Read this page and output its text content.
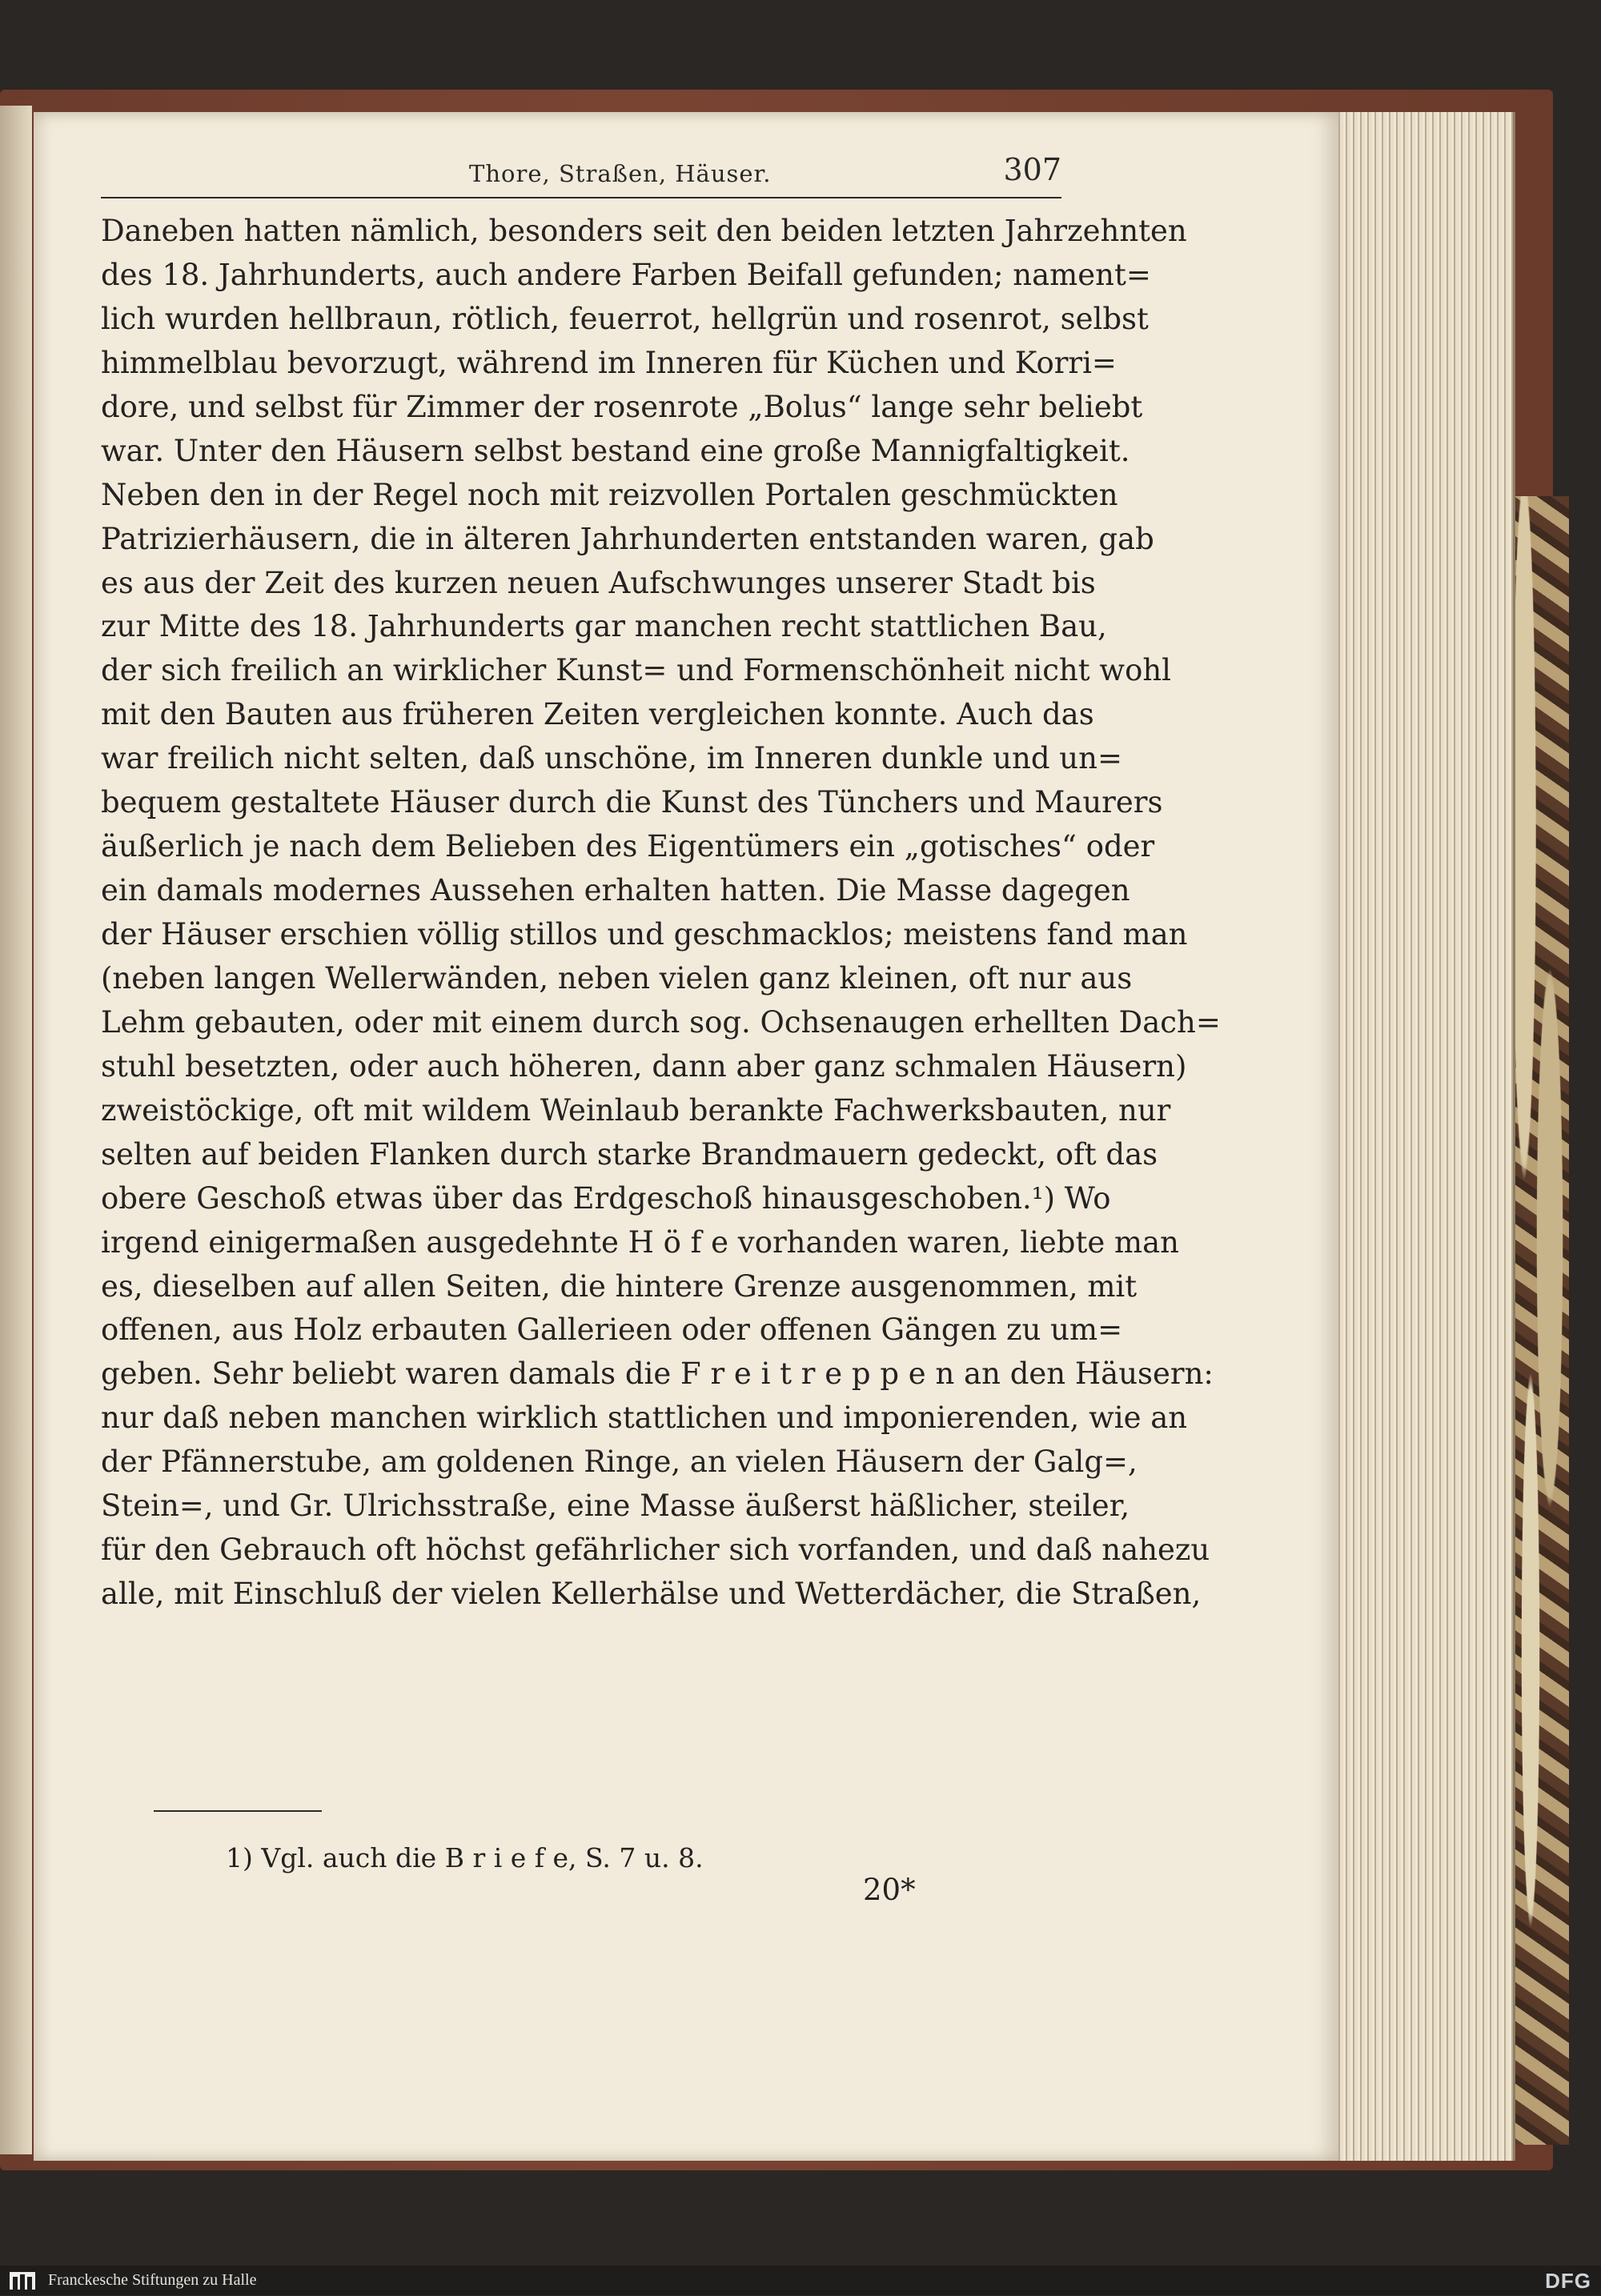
Thore, Straßen, Häuser.	307
Daneben hatten nämlich, besonders seit den beiden letzten Jahrzehnten
des 18. Jahrhunderts, auch andere Farben Beifall gefunden; nament=
lich wurden hellbraun, rötlich, feuerrot, hellgrün und rosenrot, selbst
himmelblau bevorzugt, während im Inneren für Küchen und Korri=
dore, und selbst für Zimmer der rosenrote „Bolus“ lange sehr beliebt
war. Unter den Häusern selbst bestand eine große Mannigfaltigkeit.
Neben den in der Regel noch mit reizvollen Portalen geschmückten
Patrizierhäusern, die in älteren Jahrhunderten entstanden waren, gab
es aus der Zeit des kurzen neuen Aufschwunges unserer Stadt bis
zur Mitte des 18. Jahrhunderts gar manchen recht stattlichen Bau,
der sich freilich an wirklicher Kunst= und Formenschönheit nicht wohl
mit den Bauten aus früheren Zeiten vergleichen konnte. Auch das
war freilich nicht selten, daß unschöne, im Inneren dunkle und un=
bequem gestaltete Häuser durch die Kunst des Tünchers und Maurers
äußerlich je nach dem Belieben des Eigentümers ein „gotisches“ oder
ein damals modernes Aussehen erhalten hatten. Die Masse dagegen
der Häuser erschien völlig stillos und geschmacklos; meistens fand man
(neben langen Wellerwänden, neben vielen ganz kleinen, oft nur aus
Lehm gebauten, oder mit einem durch sog. Ochsenaugen erhellten Dach=
stuhl besetzten, oder auch höheren, dann aber ganz schmalen Häusern)
zweistöckige, oft mit wildem Weinlaub berankte Fachwerksbauten, nur
selten auf beiden Flanken durch starke Brandmauern gedeckt, oft das
obere Geschoß etwas über das Erdgeschoß hinausgeschoben.¹) Wo
irgend einigermaßen ausgedehnte H ö f e vorhanden waren, liebte man
es, dieselben auf allen Seiten, die hintere Grenze ausgenommen, mit
offenen, aus Holz erbauten Gallerieen oder offenen Gängen zu um=
geben. Sehr beliebt waren damals die F r e i t r e p p e n an den Häusern:
nur daß neben manchen wirklich stattlichen und imponierenden, wie an
der Pfännerstube, am goldenen Ringe, an vielen Häusern der Galg=,
Stein=, und Gr. Ulrichsstraße, eine Masse äußerst häßlicher, steiler,
für den Gebrauch oft höchst gefährlicher sich vorfanden, und daß nahezu
alle, mit Einschluß der vielen Kellerhälse und Wetterdächer, die Straßen,
1) Vgl. auch die B r i e f e, S. 7 u. 8.
20*
Franckesche Stiftungen zu Halle	DFG
